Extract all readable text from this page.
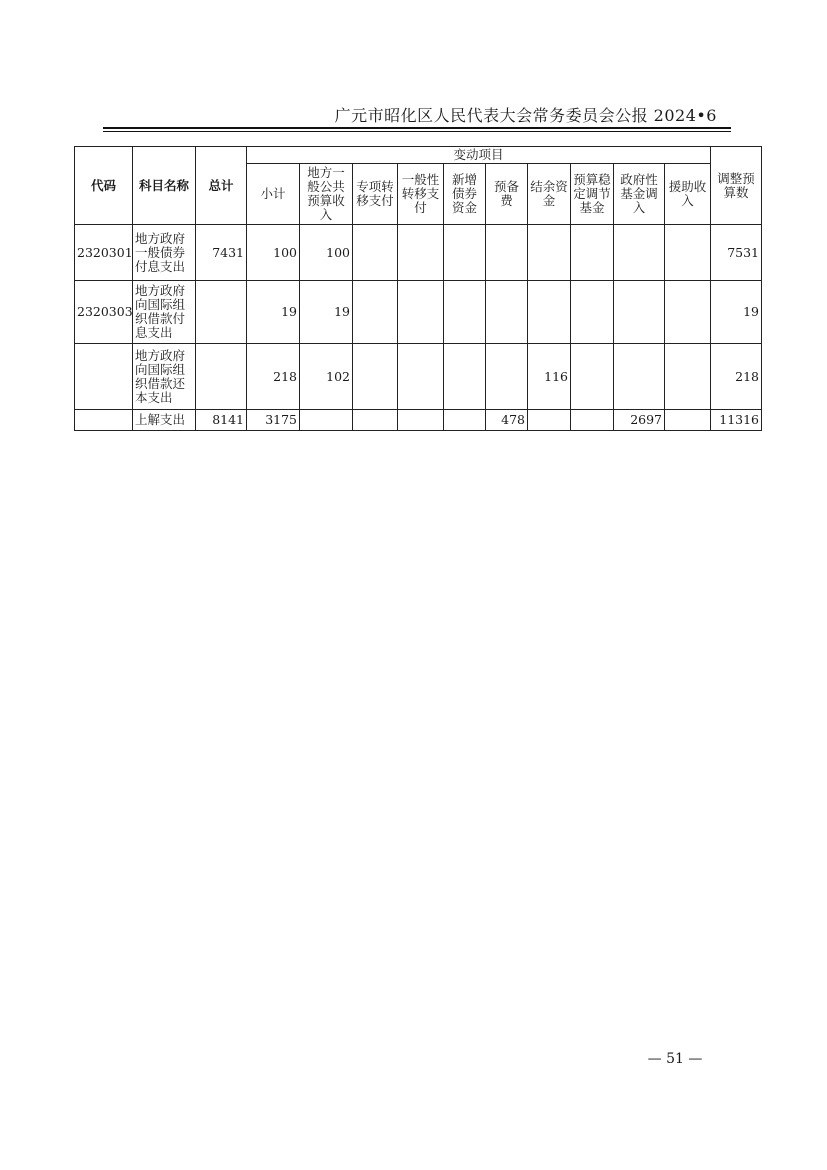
广元市昭化区人民代表大会常务委员会公报 2024•6
代码	科目名称	总计	变动项目										调整预算数
			小计	地方一般公共预算收入	专项转移支付	一般性转移支付	新增债券资金	预备费	结余资金	预算稳定调节基金	政府性基金调入	援助收入	
2320301	地方政府一般债券付息支出	7431	100	100									7531
2320303	地方政府向国际组织借款付息支出		19	19									19
	地方政府向国际组织借款还本支出		218	102					116				218
	上解支出	8141	3175					478			2697		11316
— 51 —
